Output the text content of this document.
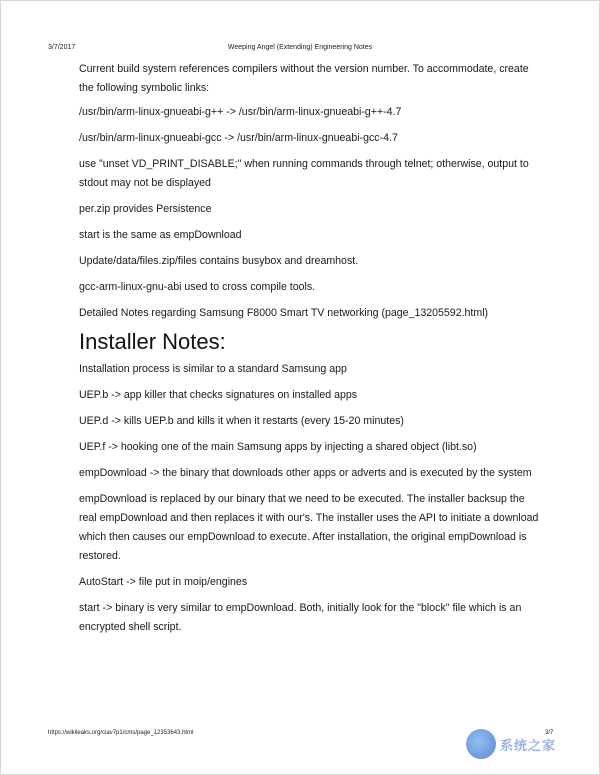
3/7/2017	Weeping Angel (Extending) Engineering Notes

Current build system references compilers without the version number. To accommodate, create the following symbolic links:

/usr/bin/arm-linux-gnueabi-g++ -> /usr/bin/arm-linux-gnueabi-g++-4.7

/usr/bin/arm-linux-gnueabi-gcc -> /usr/bin/arm-linux-gnueabi-gcc-4.7

use "unset VD_PRINT_DISABLE;" when running commands through telnet; otherwise, output to stdout may not be displayed

per.zip provides Persistence

start is the same as empDownload

Update/data/files.zip/files contains busybox and dreamhost.

gcc-arm-linux-gnu-abi used to cross compile tools.

Detailed Notes regarding Samsung F8000 Smart TV networking (page_13205592.html)

Installer Notes:

Installation process is similar to a standard Samsung app

UEP.b -> app killer that checks signatures on installed apps

UEP.d -> kills UEP.b and kills it when it restarts (every 15-20 minutes)

UEP.f -> hooking one of the main Samsung apps by injecting a shared object (libt.so)

empDownload -> the binary that downloads other apps or adverts and is executed by the system

empDownload is replaced by our binary that we need to be executed. The installer backsup the real empDownload and then replaces it with our's. The installer uses the API to initiate a download which then causes our empDownload to execute. After installation, the original empDownload is restored.

AutoStart -> file put in moip/engines

start -> binary is very similar to empDownload. Both, initially look for the "block" file which is an encrypted shell script.

https://wikileaks.org/ciav7p1/cms/page_12353643.html	3/7
系统之家
